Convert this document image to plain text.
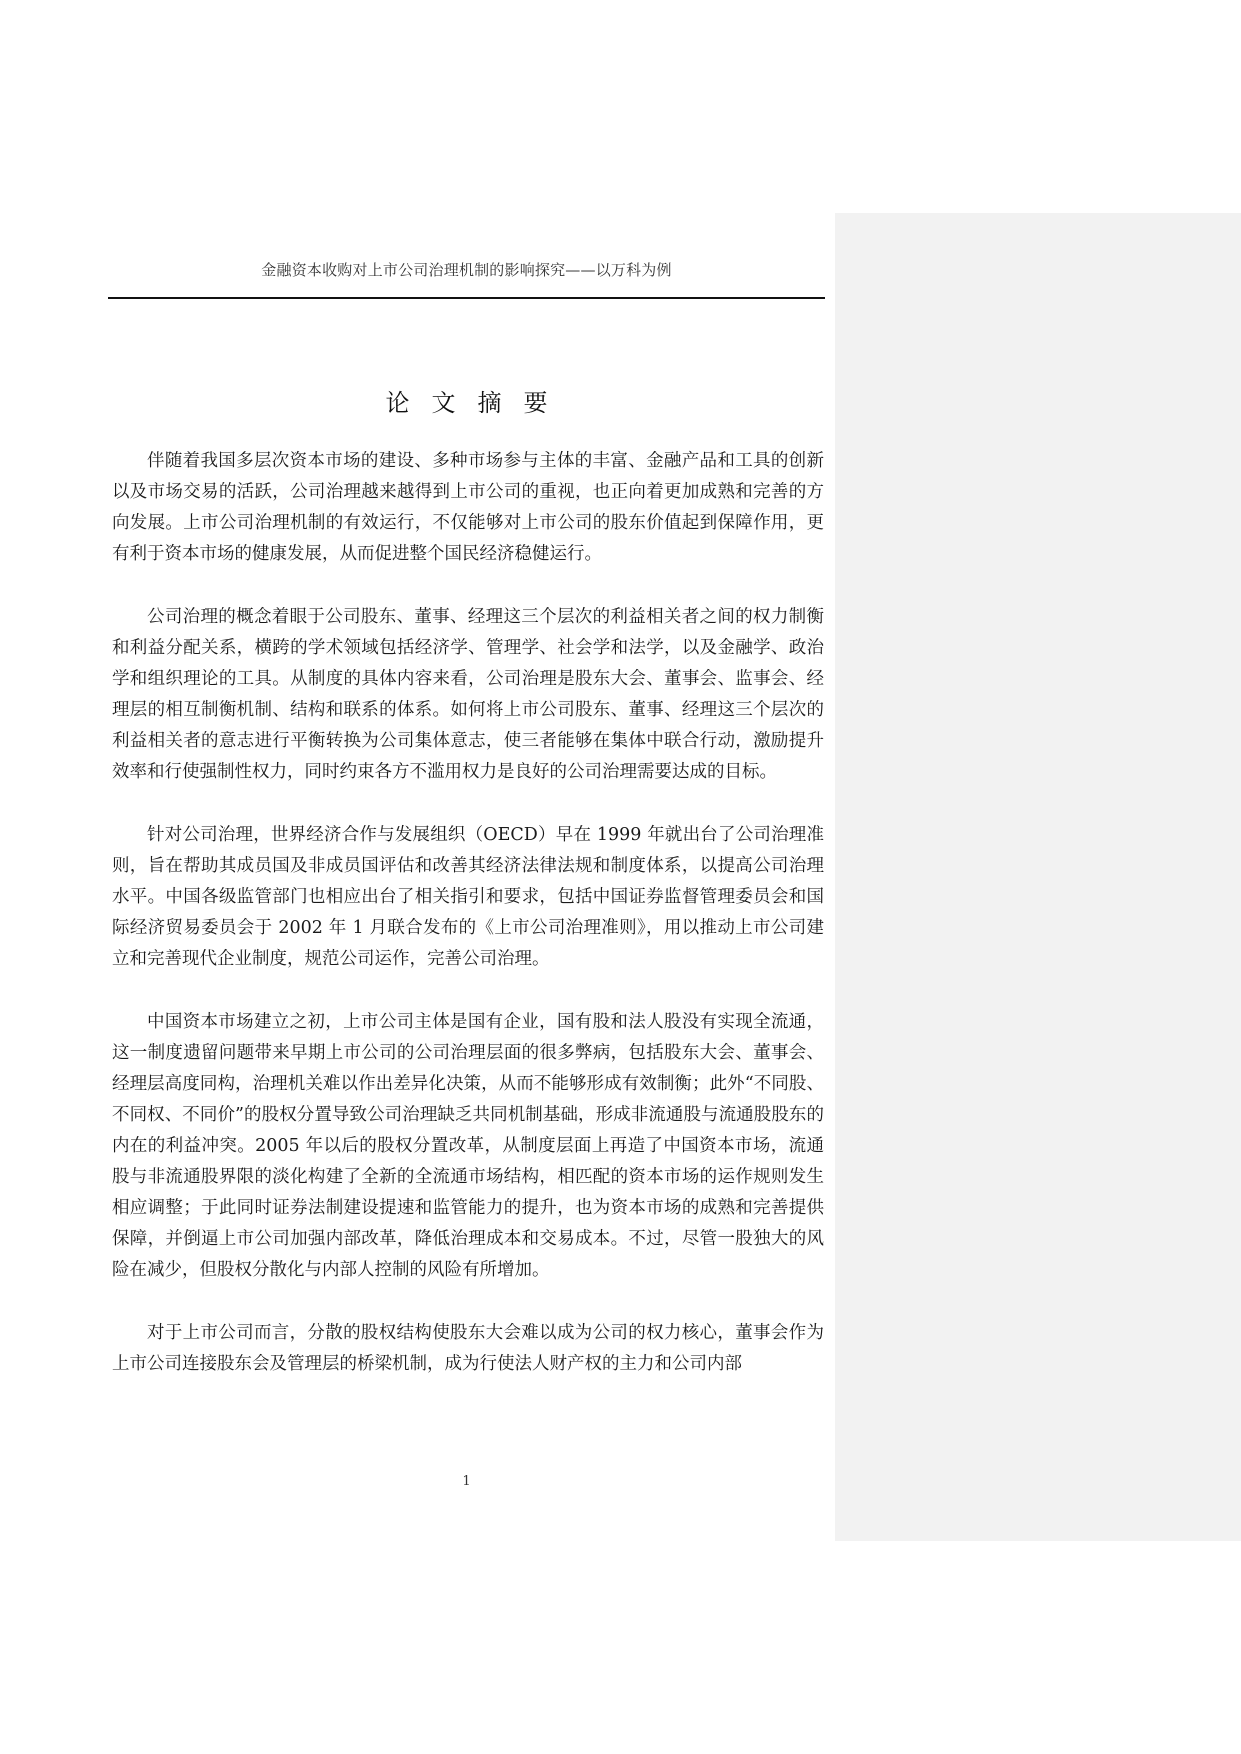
金融资本收购对上市公司治理机制的影响探究——以万科为例
论文摘要

伴随着我国多层次资本市场的建设、多种市场参与主体的丰富、金融产品和工具的创新以及市场交易的活跃，公司治理越来越得到上市公司的重视，也正向着更加成熟和完善的方向发展。上市公司治理机制的有效运行，不仅能够对上市公司的股东价值起到保障作用，更有利于资本市场的健康发展，从而促进整个国民经济稳健运行。

公司治理的概念着眼于公司股东、董事、经理这三个层次的利益相关者之间的权力制衡和利益分配关系，横跨的学术领域包括经济学、管理学、社会学和法学，以及金融学、政治学和组织理论的工具。从制度的具体内容来看，公司治理是股东大会、董事会、监事会、经理层的相互制衡机制、结构和联系的体系。如何将上市公司股东、董事、经理这三个层次的利益相关者的意志进行平衡转换为公司集体意志，使三者能够在集体中联合行动，激励提升效率和行使强制性权力，同时约束各方不滥用权力是良好的公司治理需要达成的目标。

针对公司治理，世界经济合作与发展组织（OECD）早在 1999 年就出台了公司治理准则，旨在帮助其成员国及非成员国评估和改善其经济法律法规和制度体系，以提高公司治理水平。中国各级监管部门也相应出台了相关指引和要求，包括中国证券监督管理委员会和国际经济贸易委员会于 2002 年 1 月联合发布的《上市公司治理准则》，用以推动上市公司建立和完善现代企业制度，规范公司运作，完善公司治理。

中国资本市场建立之初，上市公司主体是国有企业，国有股和法人股没有实现全流通，这一制度遗留问题带来早期上市公司的公司治理层面的很多弊病，包括股东大会、董事会、经理层高度同构，治理机关难以作出差异化决策，从而不能够形成有效制衡；此外“不同股、不同权、不同价”的股权分置导致公司治理缺乏共同机制基础，形成非流通股与流通股股东的内在的利益冲突。2005 年以后的股权分置改革，从制度层面上再造了中国资本市场，流通股与非流通股界限的淡化构建了全新的全流通市场结构，相匹配的资本市场的运作规则发生相应调整；于此同时证券法制建设提速和监管能力的提升，也为资本市场的成熟和完善提供保障，并倒逼上市公司加强内部改革，降低治理成本和交易成本。不过，尽管一股独大的风险在减少，但股权分散化与内部人控制的风险有所增加。

对于上市公司而言，分散的股权结构使股东大会难以成为公司的权力核心，董事会作为上市公司连接股东会及管理层的桥梁机制，成为行使法人财产权的主力和公司内部

1
